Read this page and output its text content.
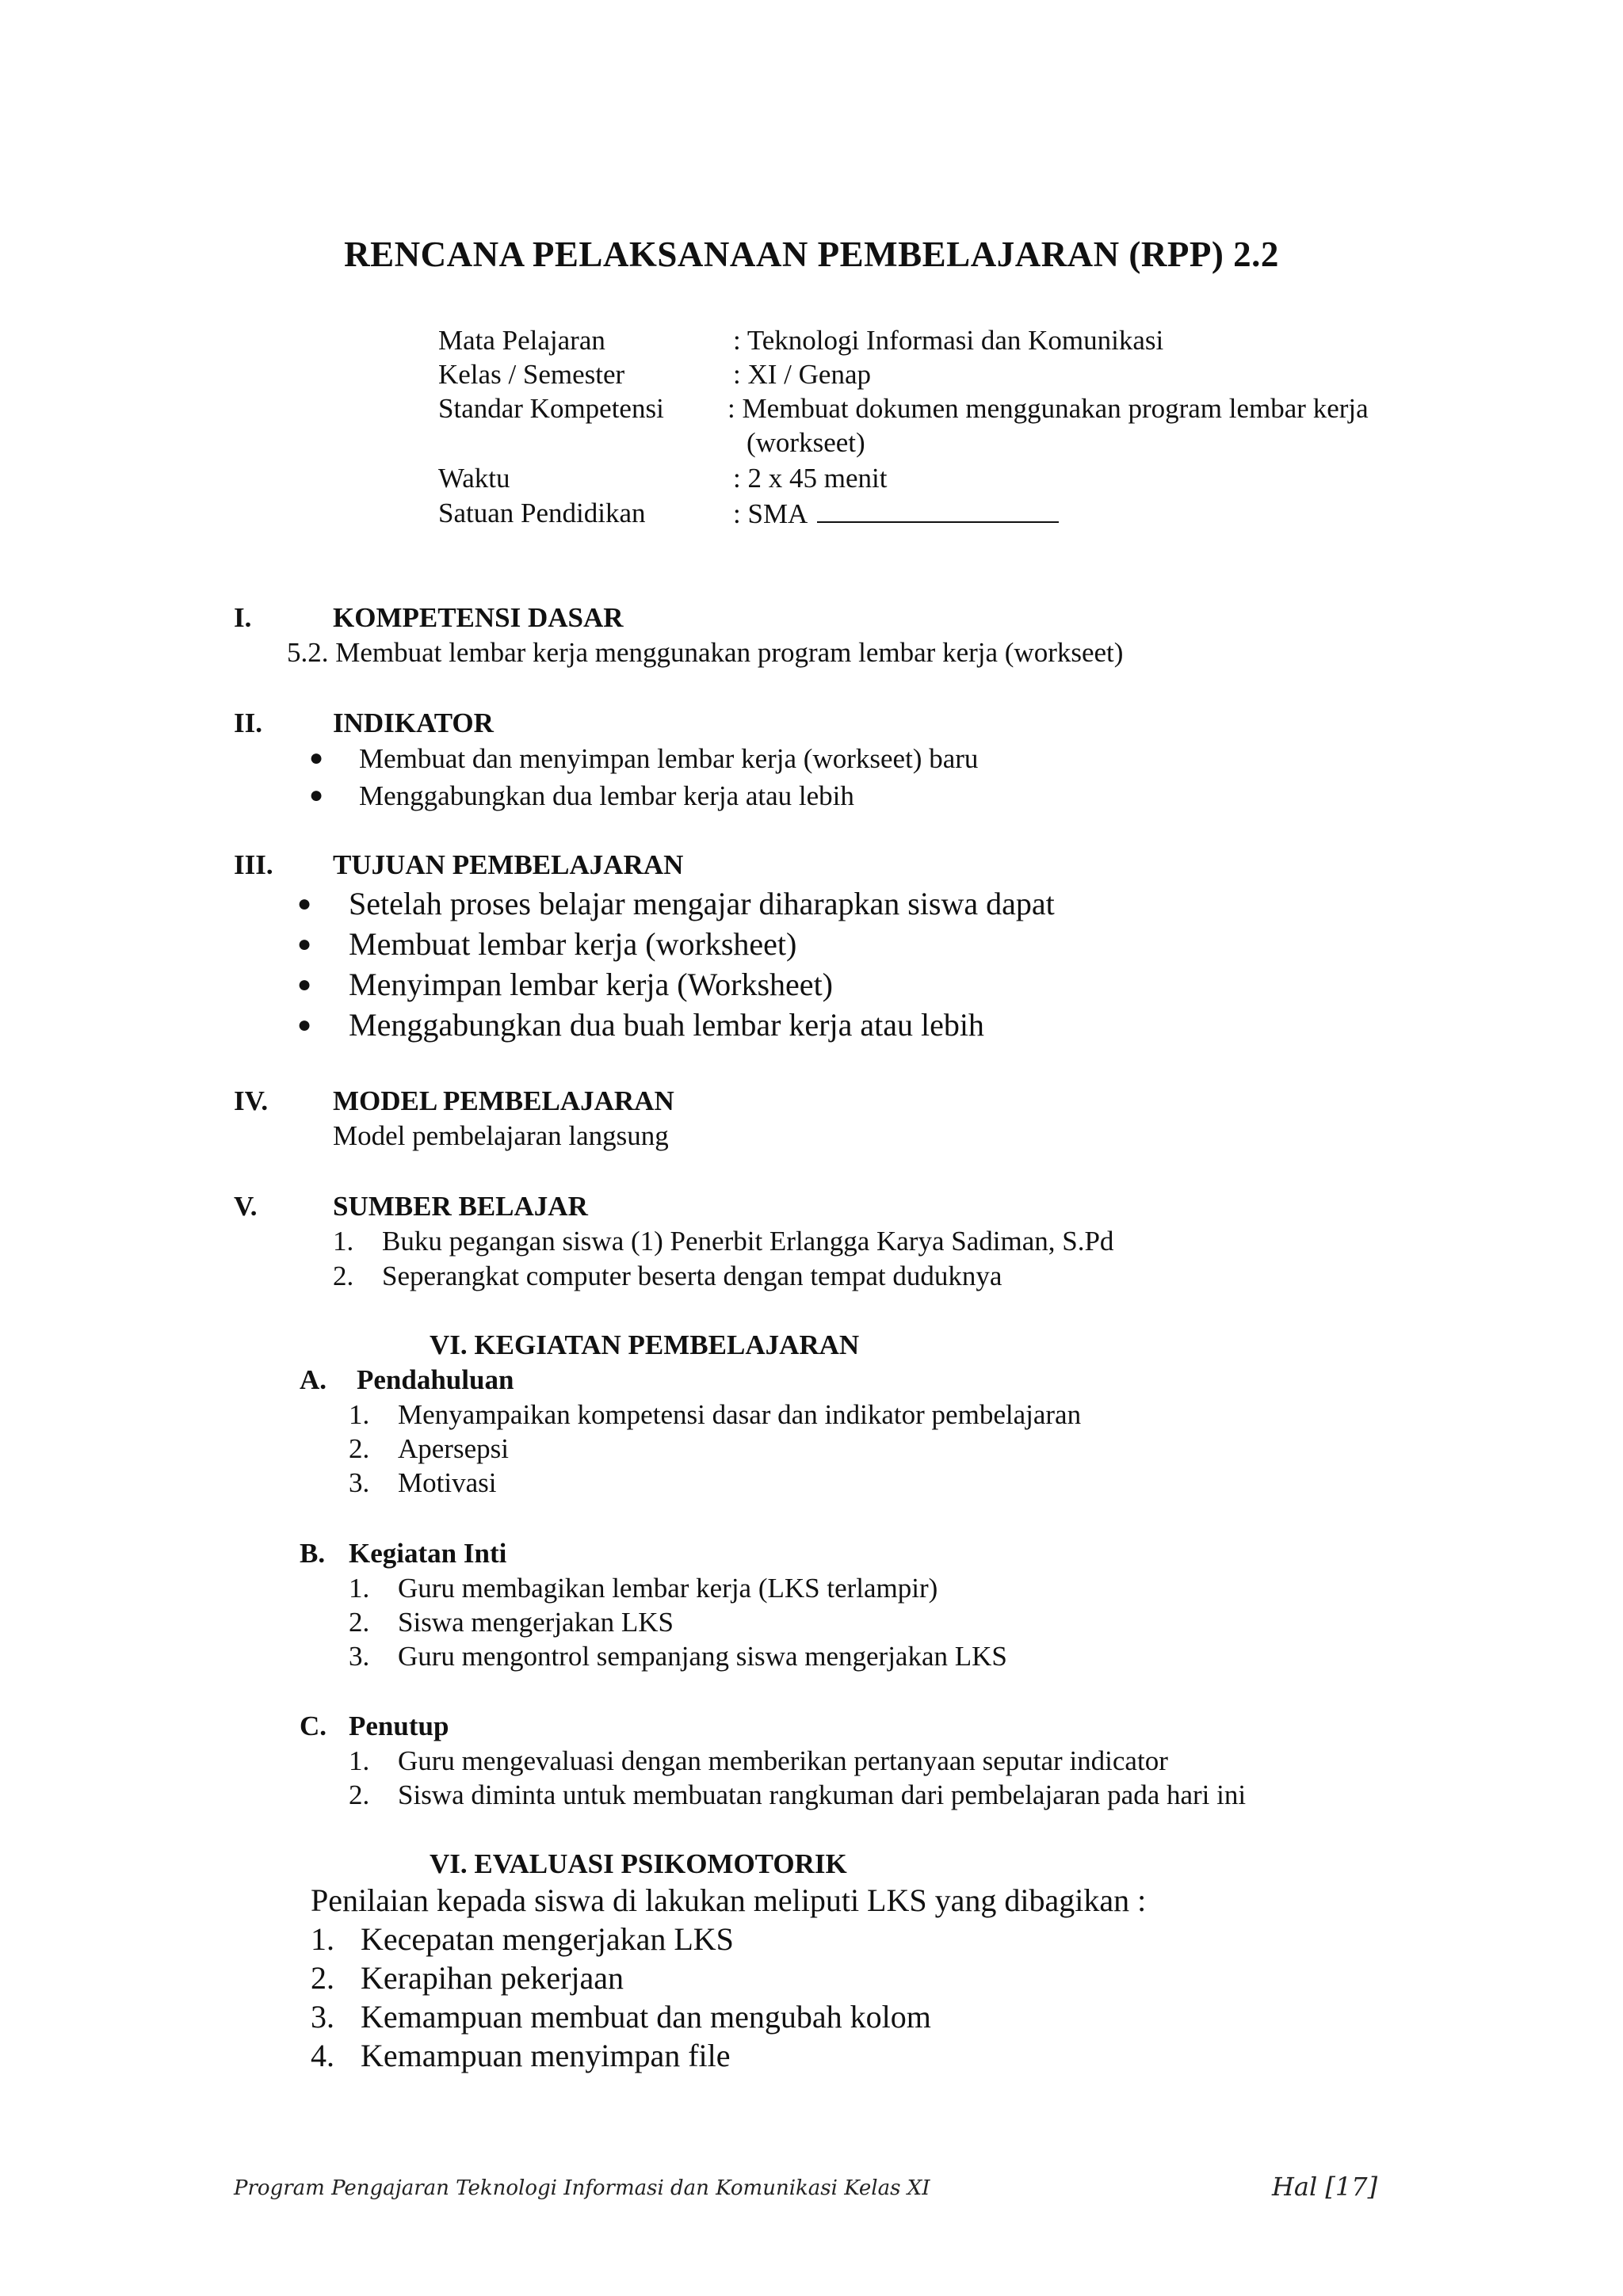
RENCANA PELAKSANAAN PEMBELAJARAN (RPP) 2.2
Mata Pelajaran	: Teknologi Informasi dan Komunikasi
Kelas / Semester	: XI / Genap
Standar Kompetensi : Membuat dokumen menggunakan program lembar kerja
(workseet)
Waktu	: 2 x 45 menit
Satuan Pendidikan	: SMA
I.	KOMPETENSI DASAR
5.2. Membuat lembar kerja menggunakan program lembar kerja (workseet)
II.	INDIKATOR
● Membuat dan menyimpan lembar kerja (workseet) baru
● Menggabungkan dua lembar kerja atau lebih
III. TUJUAN PEMBELAJARAN
● Setelah proses belajar mengajar diharapkan siswa dapat
● Membuat lembar kerja (worksheet)
● Menyimpan lembar kerja (Worksheet)
● Menggabungkan dua buah lembar kerja atau lebih
IV. MODEL PEMBELAJARAN
Model pembelajaran langsung
V.	SUMBER BELAJAR
1. Buku pegangan siswa (1) Penerbit Erlangga Karya Sadiman, S.Pd
2. Seperangkat computer beserta dengan tempat duduknya
VI. KEGIATAN PEMBELAJARAN
A. Pendahuluan
1. Menyampaikan kompetensi dasar dan indikator pembelajaran
2. Apersepsi
3. Motivasi
B. Kegiatan Inti
1. Guru membagikan lembar kerja (LKS terlampir)
2. Siswa mengerjakan LKS
3. Guru mengontrol sempanjang siswa mengerjakan LKS
C. Penutup
1. Guru mengevaluasi dengan memberikan pertanyaan seputar indicator
2. Siswa diminta untuk membuatan rangkuman dari pembelajaran pada hari ini
VI. EVALUASI PSIKOMOTORIK
Penilaian kepada siswa di lakukan meliputi LKS yang dibagikan :
1. Kecepatan mengerjakan LKS
2. Kerapihan pekerjaan
3. Kemampuan membuat dan mengubah kolom
4. Kemampuan menyimpan file
Program Pengajaran Teknologi Informasi dan Komunikasi Kelas XI	Hal [17]
